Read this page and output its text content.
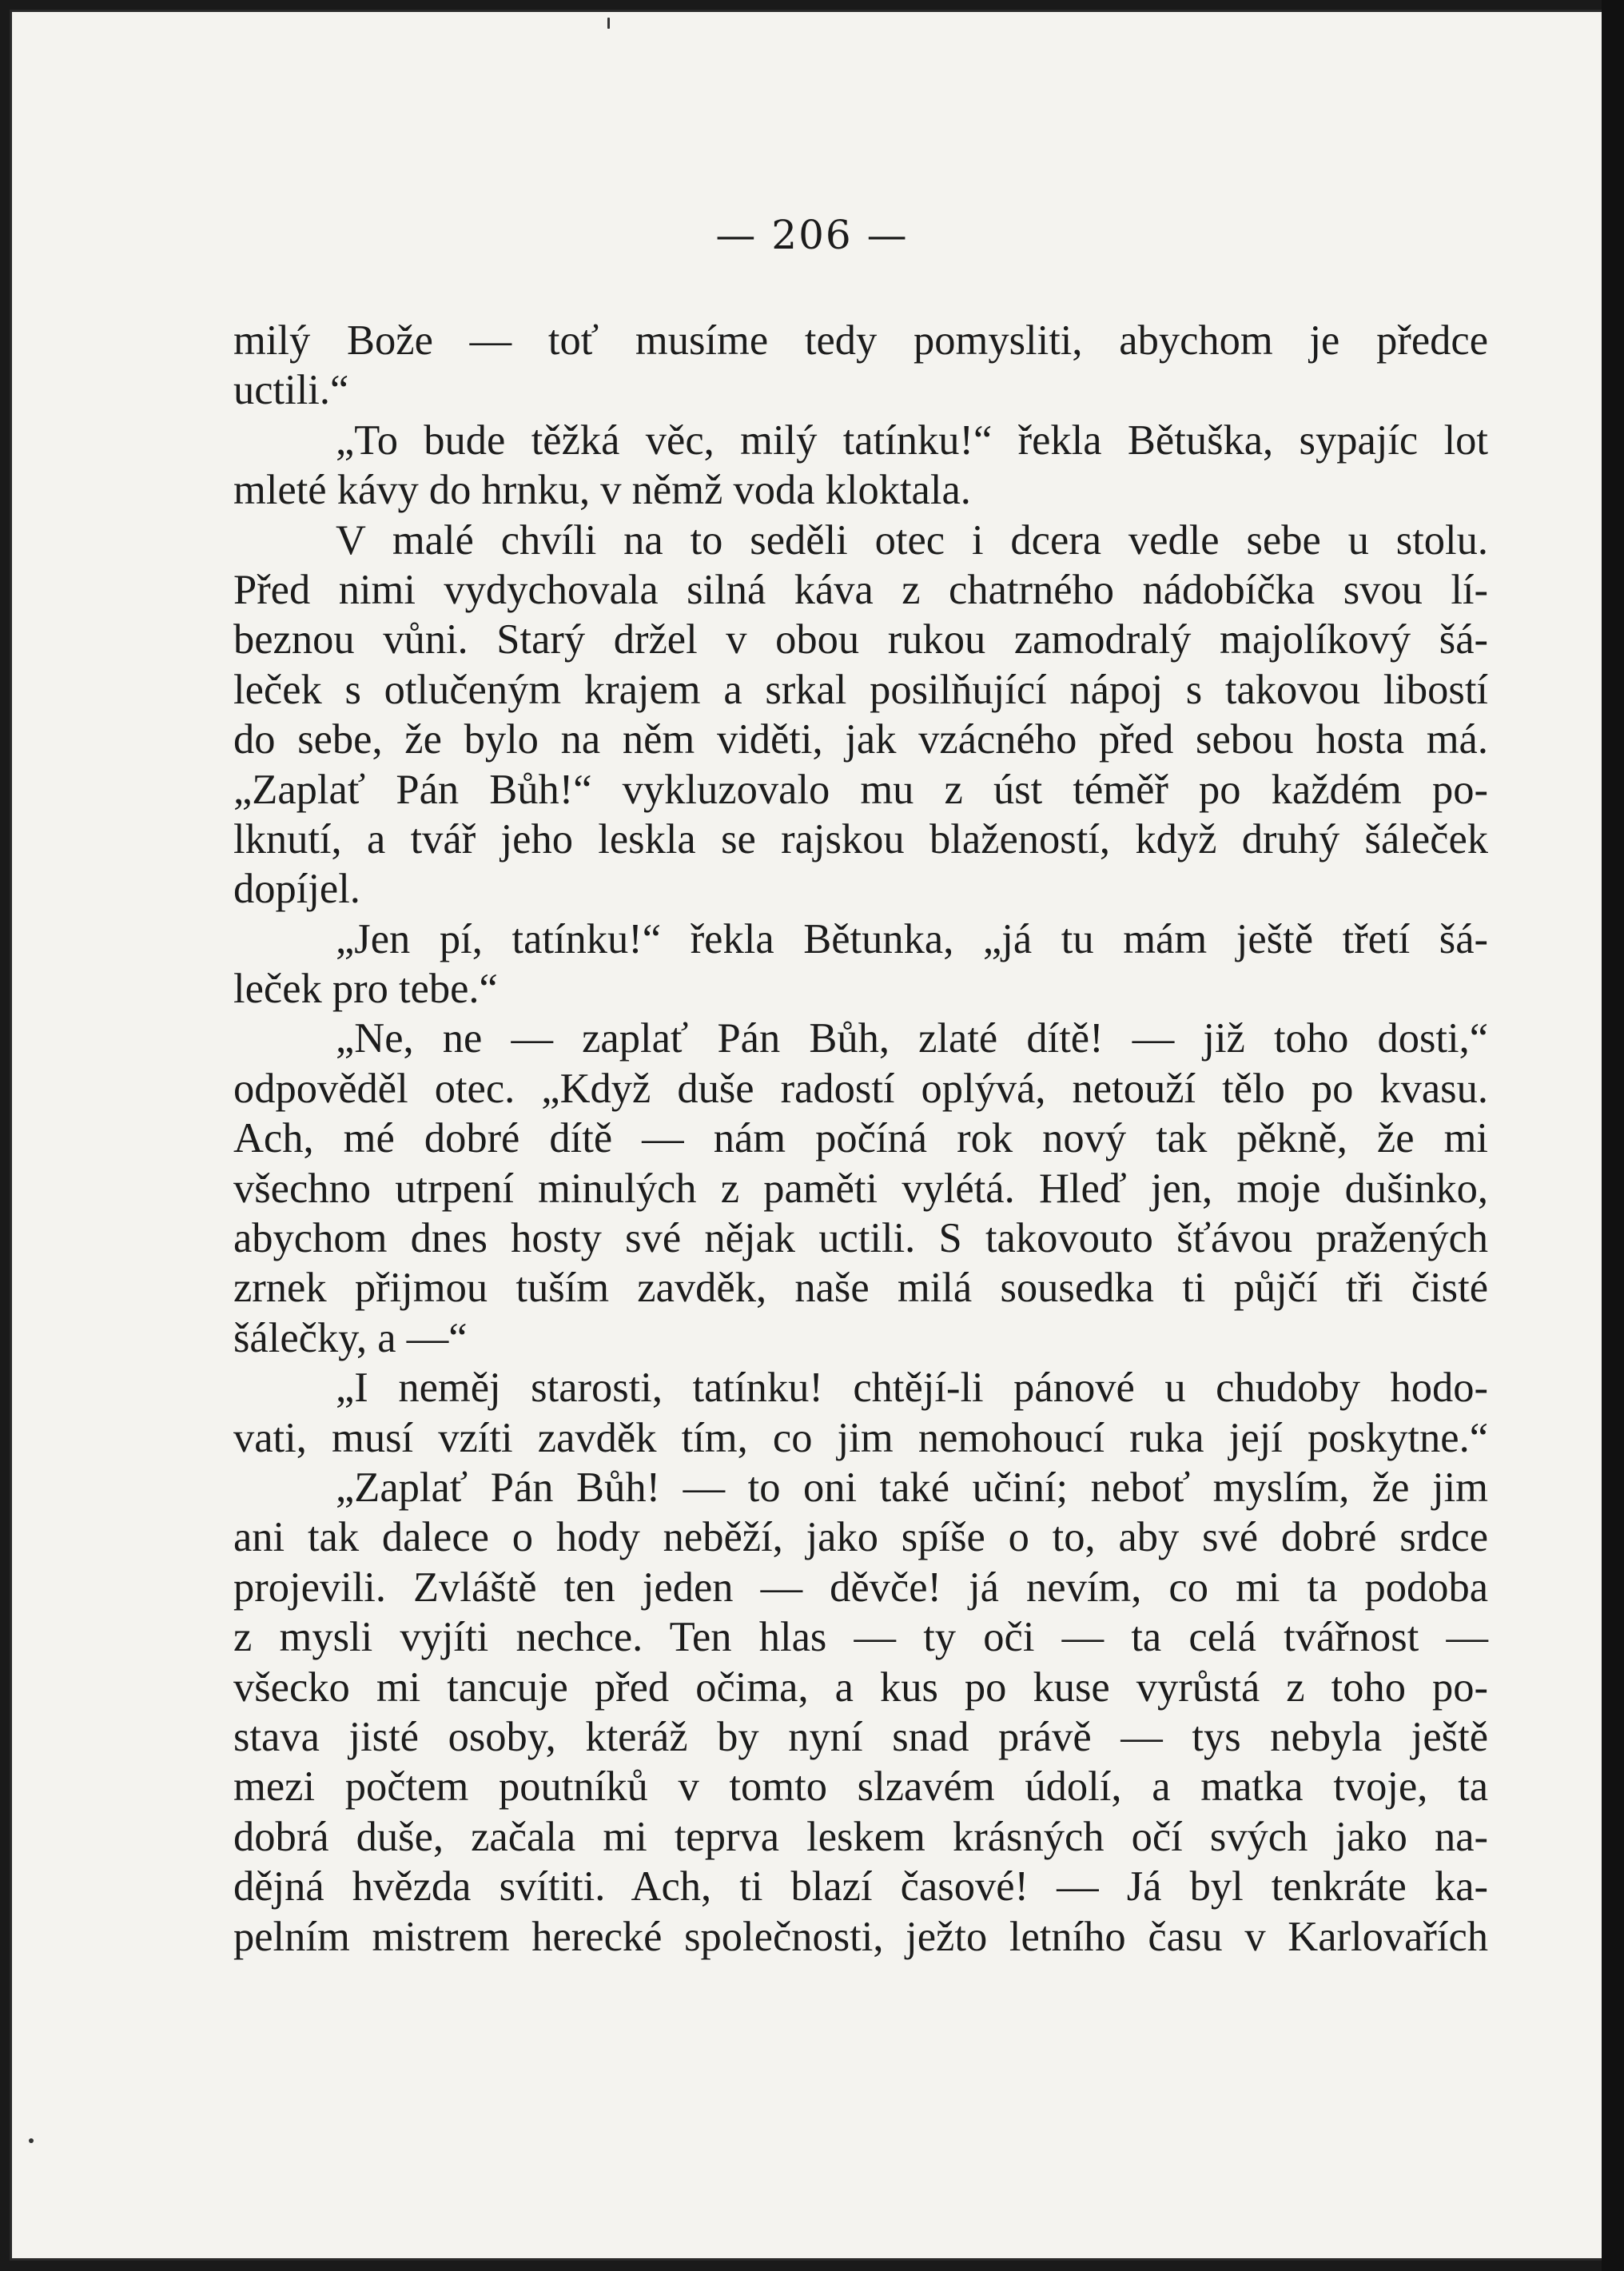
— 206 —
milý Bože — toť musíme tedy pomysliti, abychom je předce
uctili.“
„To bude těžká věc, milý tatínku!“ řekla Bětuška, sypajíc lot
mleté kávy do hrnku, v němž voda kloktala.
V malé chvíli na to seděli otec i dcera vedle sebe u stolu.
Před nimi vydychovala silná káva z chatrného nádobíčka svou lí-
beznou vůni. Starý držel v obou rukou zamodralý majolíkový šá-
leček s otlučeným krajem a srkal posilňující nápoj s takovou libostí
do sebe, že bylo na něm viděti, jak vzácného před sebou hosta má.
„Zaplať Pán Bůh!“ vykluzovalo mu z úst téměř po každém po-
lknutí, a tvář jeho leskla se rajskou blažeností, když druhý šáleček
dopíjel.
„Jen pí, tatínku!“ řekla Bětunka, „já tu mám ještě třetí šá-
leček pro tebe.“
„Ne, ne — zaplať Pán Bůh, zlaté dítě! — již toho dosti,“
odpověděl otec. „Když duše radostí oplývá, netouží tělo po kvasu.
Ach, mé dobré dítě — nám počíná rok nový tak pěkně, že mi
všechno utrpení minulých z paměti vylétá. Hleď jen, moje dušinko,
abychom dnes hosty své nějak uctili. S takovouto šťávou pražených
zrnek přijmou tuším zavděk, naše milá sousedka ti půjčí tři čisté
šálečky, a —“
„I neměj starosti, tatínku! chtějí-li pánové u chudoby hodo-
vati, musí vzíti zavděk tím, co jim nemohoucí ruka její poskytne.“
„Zaplať Pán Bůh! — to oni také učiní; neboť myslím, že jim
ani tak dalece o hody neběží, jako spíše o to, aby své dobré srdce
projevili. Zvláště ten jeden — děvče! já nevím, co mi ta podoba
z mysli vyjíti nechce. Ten hlas — ty oči — ta celá tvářnost —
všecko mi tancuje před očima, a kus po kuse vyrůstá z toho po-
stava jisté osoby, kteráž by nyní snad právě — tys nebyla ještě
mezi počtem poutníků v tomto slzavém údolí, a matka tvoje, ta
dobrá duše, začala mi teprva leskem krásných očí svých jako na-
dějná hvězda svítiti. Ach, ti blazí časové! — Já byl tenkráte ka-
pelním mistrem herecké společnosti, ježto letního času v Karlovařích
